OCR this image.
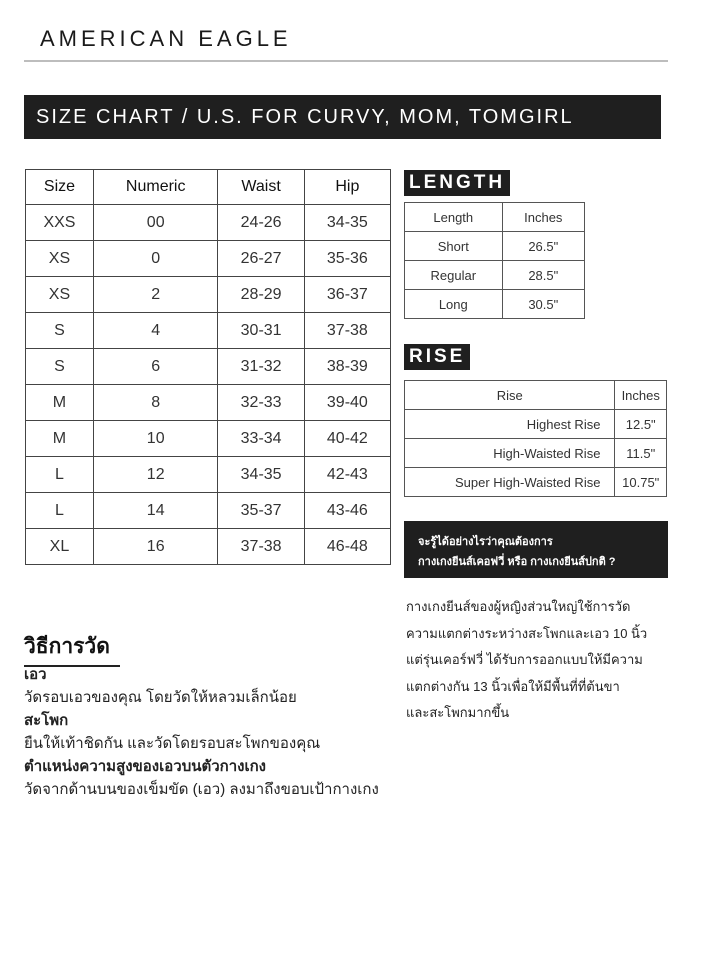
AMERICAN EAGLE
SIZE CHART / U.S. FOR CURVY, MOM, TOMGIRL
Size	Numeric	Waist	Hip
XXS	00	24-26	34-35
XS	0	26-27	35-36
XS	2	28-29	36-37
S	4	30-31	37-38
S	6	31-32	38-39
M	8	32-33	39-40
M	10	33-34	40-42
L	12	34-35	42-43
L	14	35-37	43-46
XL	16	37-38	46-48
LENGTH
Length	Inches
Short	26.5"
Regular	28.5"
Long	30.5"
RISE
Rise	Inches
Highest Rise	12.5"
High-Waisted Rise	11.5"
Super High-Waisted Rise	10.75"
จะรู้ได้อย่างไรว่าคุณต้องการ
กางเกงยีนส์เคอฟวี่ หรือ กางเกงยีนส์ปกติ ?
กางเกงยีนส์ของผู้หญิงส่วนใหญ่ใช้การวัด
ความแตกต่างระหว่างสะโพกและเอว 10 นิ้ว
แต่รุ่นเคอร์ฟวี่ ได้รับการออกแบบให้มีความ
แตกต่างกัน 13 นิ้วเพื่อให้มีพื้นที่ที่ต้นขา
และสะโพกมากขึ้น
วิธีการวัด
เอว
วัดรอบเอวของคุณ โดยวัดให้หลวมเล็กน้อย
สะโพก
ยืนให้เท้าชิดกัน และวัดโดยรอบสะโพกของคุณ
ตำแหน่งความสูงของเอวบนตัวกางเกง
วัดจากด้านบนของเข็มขัด (เอว) ลงมาถึงขอบเป้ากางเกง
